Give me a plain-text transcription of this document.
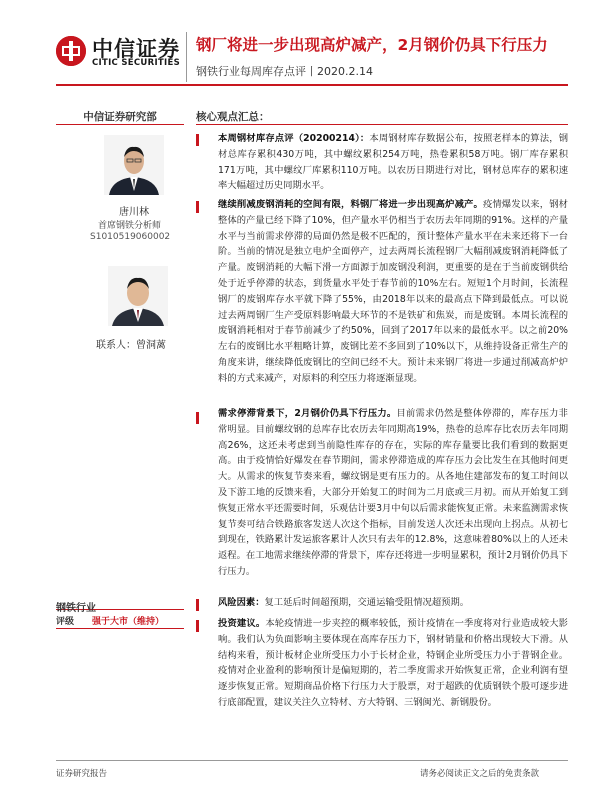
中信证券
CITIC SECURITIES
钢厂将进一步出现高炉减产，2月钢价仍具下行压力
钢铁行业每周库存点评丨2020.2.14
中信证券研究部
唐川林
首席钢铁分析师
S1010519060002
联系人：曾洞蓠
钢铁行业
评级 强于大市（维持）
核心观点汇总：
本周钢材库存点评（20200214）：本周钢材库存数据公布，按照老样本的算法，钢材总库存累积430万吨，其中螺纹累积254万吨，热卷累积58万吨。钢厂库存累积171万吨，其中螺纹厂库累积110万吨。以农历日期进行对比，钢材总库存的累积速率大幅超过历史同期水平。
继续削减废钢消耗的空间有限，料钢厂将进一步出现高炉减产。疫情爆发以来，钢材整体的产量已经下降了10%，但产量水平仍相当于农历去年同期的91%。这样的产量水平与当前需求停滞的局面仍然是极不匹配的，预计整体产量水平在未来还将下一台阶。当前的情况是独立电炉全面停产，过去两周长流程钢厂大幅削减废钢消耗降低了产量。废钢消耗的大幅下滑一方面源于加废钢没利润，更重要的是在于当前废钢供给处于近乎停滞的状态，到货量水平处于春节前的10%左右。短短1个月时间，长流程钢厂的废钢库存水平就下降了55%，由2018年以来的最高点下降到最低点。可以说过去两周钢厂生产受原料影响最大环节的不是铁矿和焦炭，而是废钢。本周长流程的废钢消耗相对于春节前减少了约50%，回到了2017年以来的最低水平。以之前20%左右的废钢比水平粗略计算，废钢比差不多回到了10%以下，从维持设备正常生产的角度来讲，继续降低废钢比的空间已经不大。预计未来钢厂将进一步通过削减高炉炉料的方式来减产，对原料的利空压力将逐渐显现。
需求停滞背景下，2月钢价仍具下行压力。目前需求仍然是整体停滞的，库存压力非常明显。目前螺纹钢的总库存比农历去年同期高19%，热卷的总库存比农历去年同期高26%，这还未考虑到当前隐性库存的存在，实际的库存量要比我们看到的数据更高。由于疫情恰好爆发在春节期间，需求停滞造成的库存压力会比发生在其他时间更大。从需求的恢复节奏来看，螺纹钢是更有压力的。从各地住建部发布的复工时间以及下游工地的反馈来看，大部分开始复工的时间为二月底或三月初。而从开始复工到恢复正常水平还需要时间，乐观估计要3月中旬以后需求能恢复正常。未来监测需求恢复节奏可结合铁路旅客发送人次这个指标，目前发送人次还未出现向上拐点。从初七到现在，铁路累计发运旅客累计人次只有去年的12.8%，这意味着80%以上的人还未返程。在工地需求继续停滞的背景下，库存还将进一步明显累积，预计2月钢价仍具下行压力。
风险因素：复工延后时间超预期，交通运输受阻情况超预期。
投资建议。本轮疫情进一步夹控的概率较低，预计疫情在一季度将对行业造成较大影响。我们认为负面影响主要体现在高库存压力下，钢材销量和价格出现较大下滑。从结构来看，预计板材企业所受压力小于长材企业，特钢企业所受压力小于普钢企业。疫情对企业盈利的影响预计是偏短期的，若二季度需求开始恢复正常，企业利润有望逐步恢复正常。短期商品价格下行压力大于股票，对于超跌的优质钢铁个股可逐步进行底部配置，建议关注久立特材、方大特钢、三钢闽光、新钢股份。
证券研究报告	请务必阅读正文之后的免责条款
